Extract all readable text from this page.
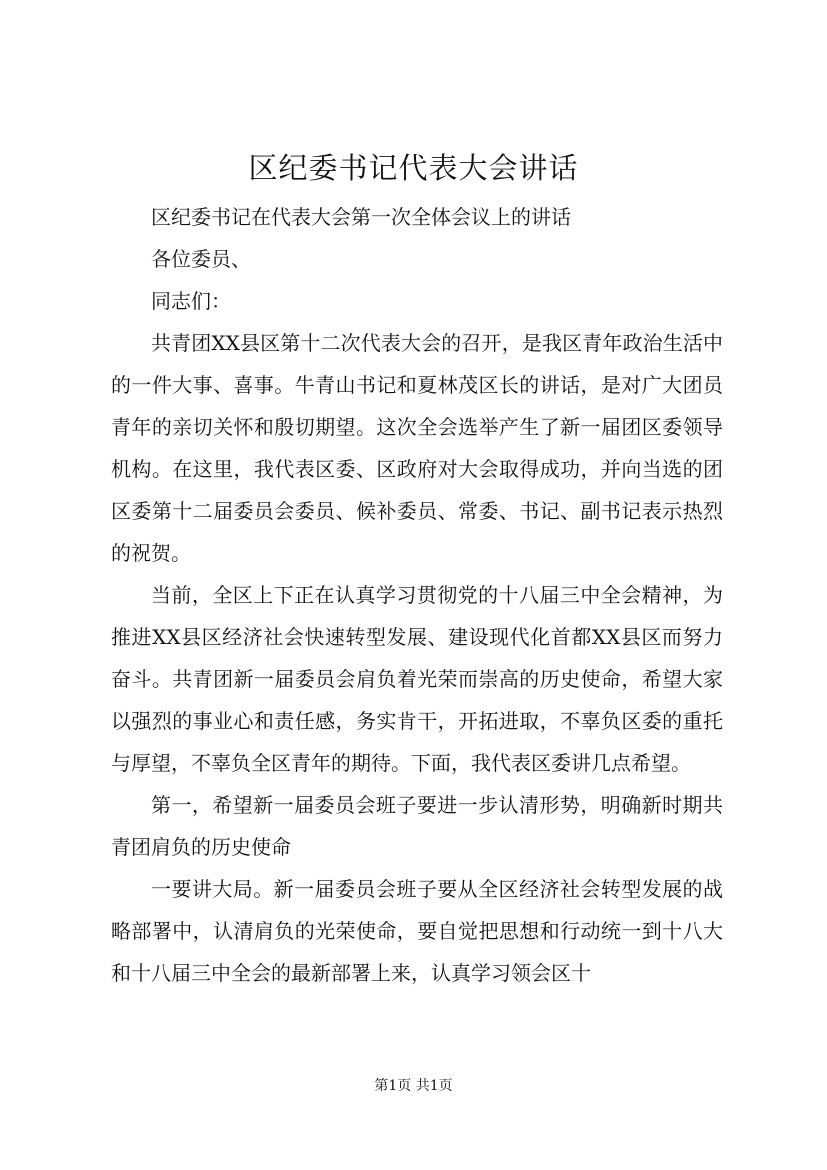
区纪委书记代表大会讲话

区纪委书记在代表大会第一次全体会议上的讲话

各位委员、

同志们：

共青团XX县区第十二次代表大会的召开，是我区青年政治生活中的一件大事、喜事。牛青山书记和夏林茂区长的讲话，是对广大团员青年的亲切关怀和殷切期望。这次全会选举产生了新一届团区委领导机构。在这里，我代表区委、区政府对大会取得成功，并向当选的团区委第十二届委员会委员、候补委员、常委、书记、副书记表示热烈的祝贺。

当前，全区上下正在认真学习贯彻党的十八届三中全会精神，为推进XX县区经济社会快速转型发展、建设现代化首都XX县区而努力奋斗。共青团新一届委员会肩负着光荣而崇高的历史使命，希望大家以强烈的事业心和责任感，务实肯干，开拓进取，不辜负区委的重托与厚望，不辜负全区青年的期待。下面，我代表区委讲几点希望。

第一，希望新一届委员会班子要进一步认清形势，明确新时期共青团肩负的历史使命

一要讲大局。新一届委员会班子要从全区经济社会转型发展的战略部署中，认清肩负的光荣使命，要自觉把思想和行动统一到十八大和十八届三中全会的最新部署上来，认真学习领会区十

第1页 共1页
